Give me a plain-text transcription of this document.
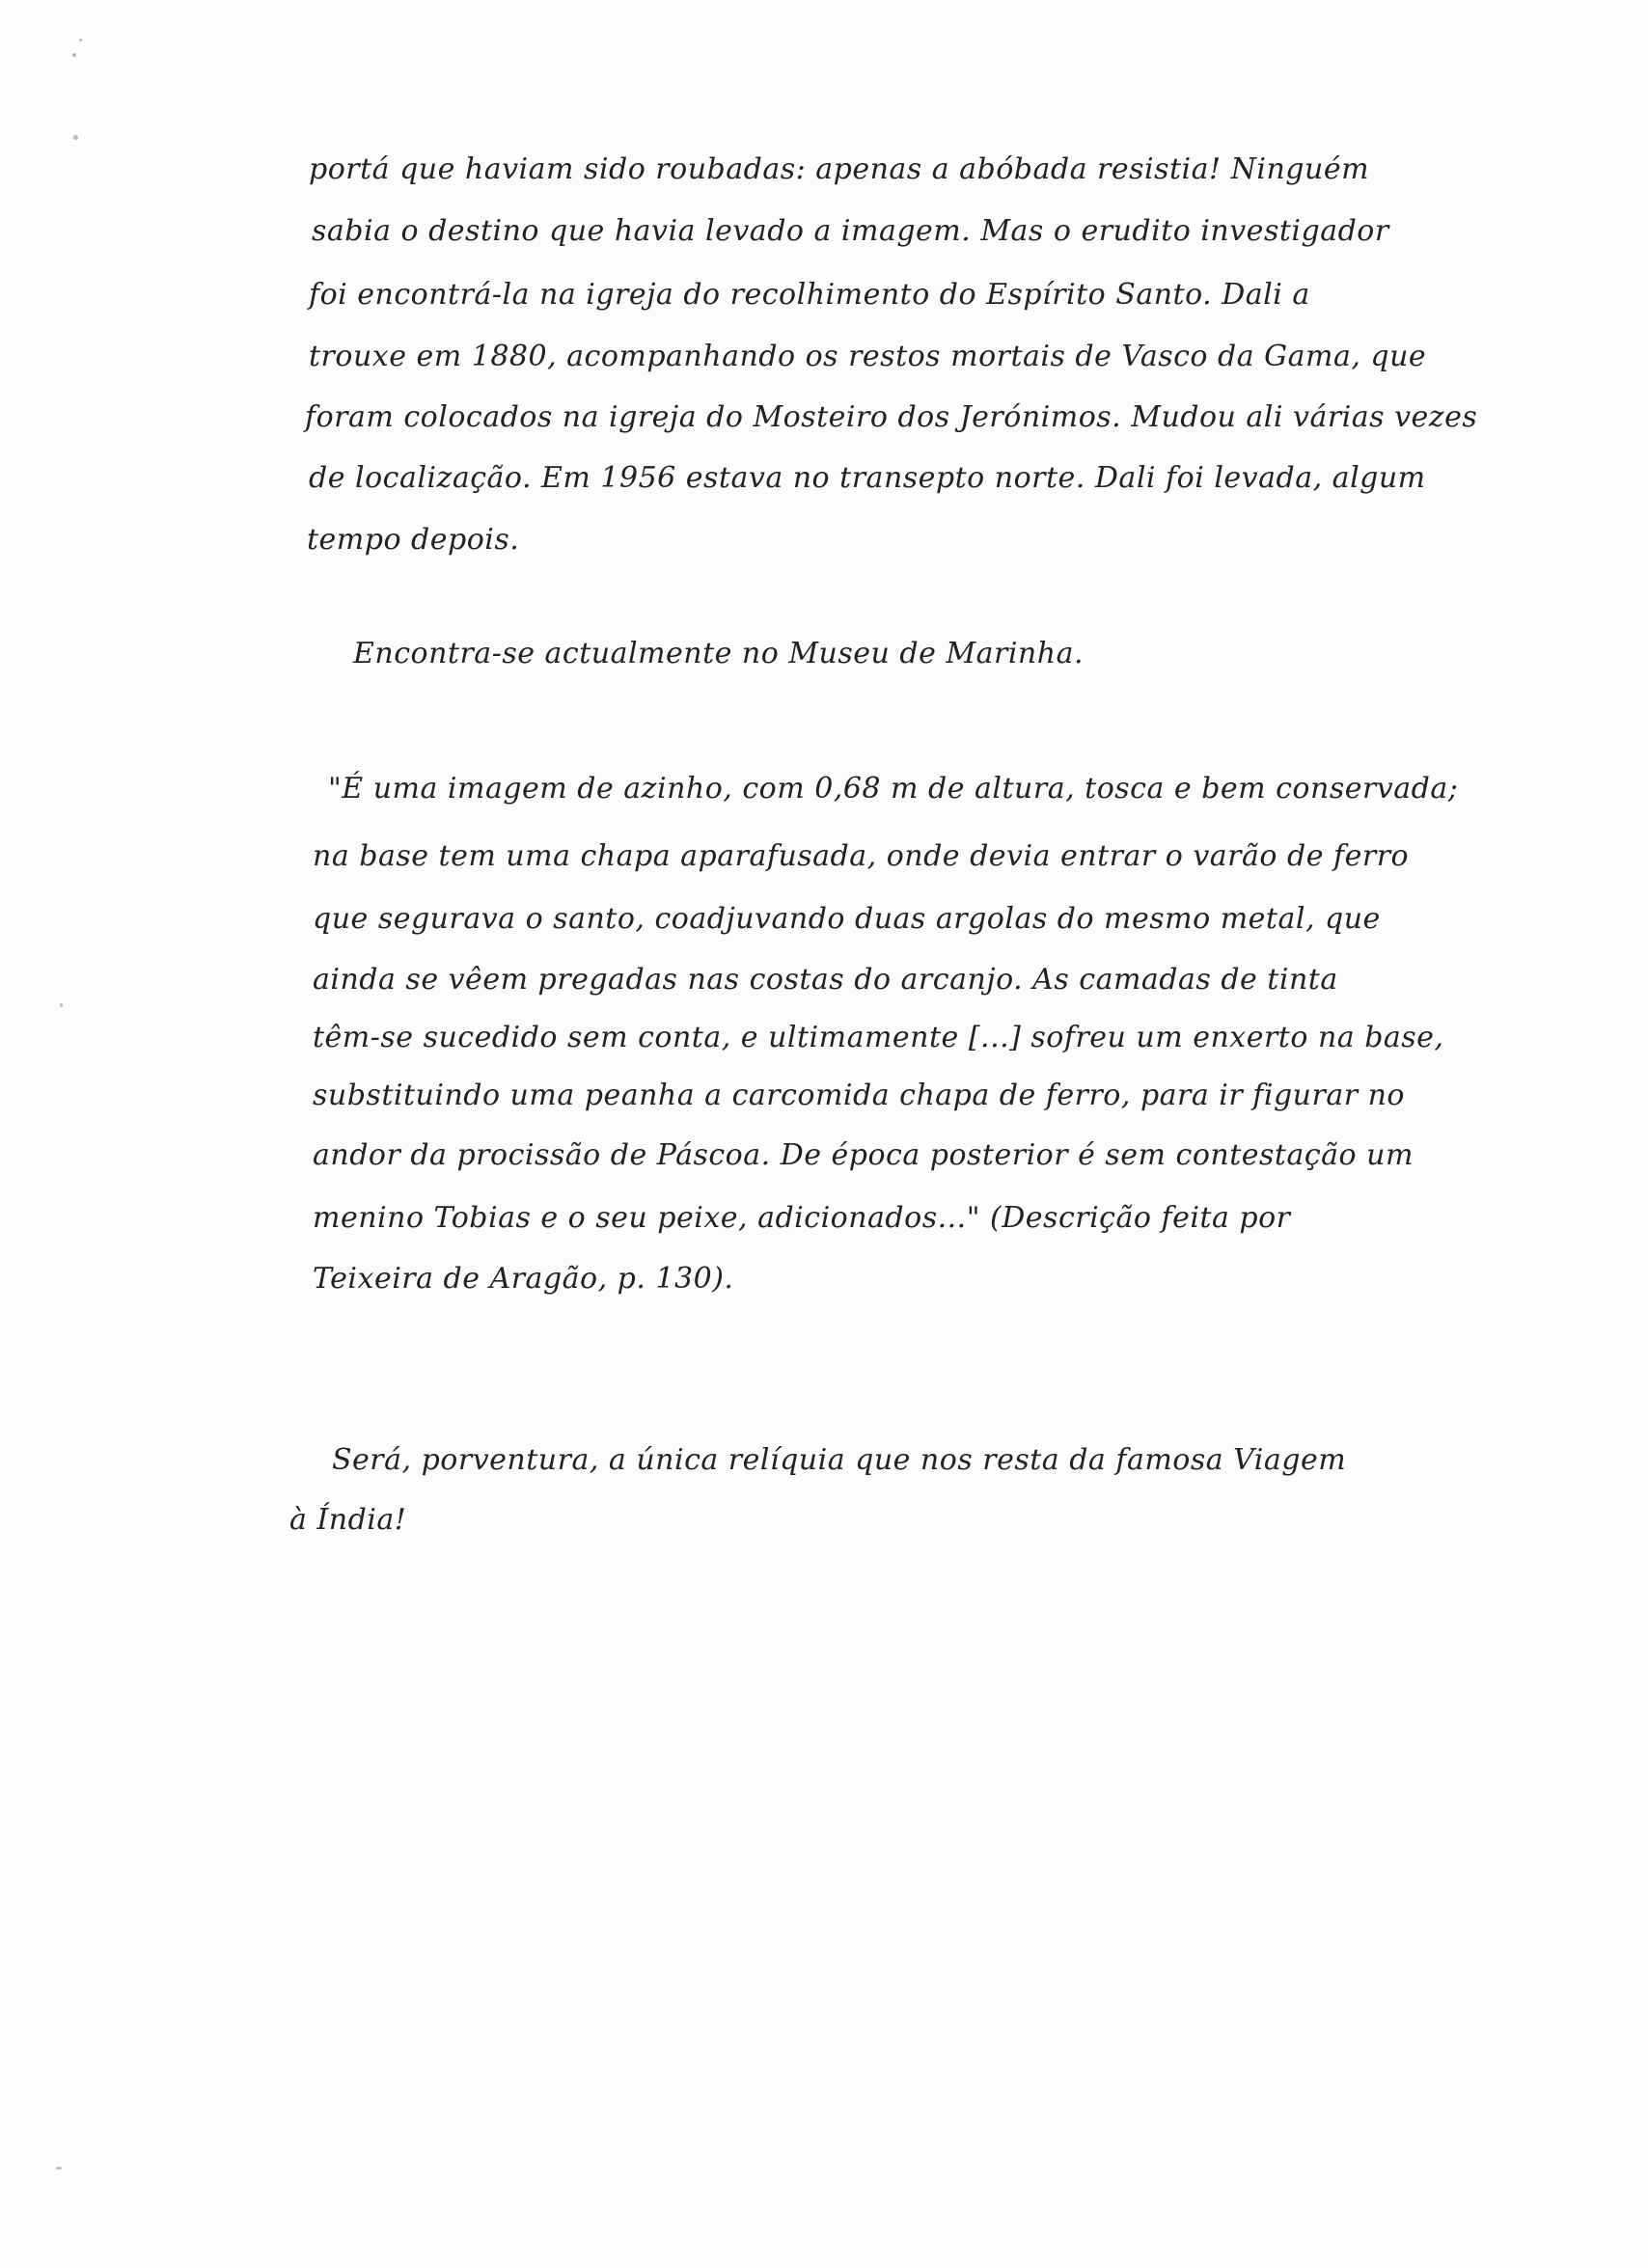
portá que haviam sido roubadas: apenas a abóbada resistia! Ninguém
sabia o destino que havia levado a imagem. Mas o erudito investigador
foi encontrá-la na igreja do recolhimento do Espírito Santo. Dali a
trouxe em 1880, acompanhando os restos mortais de Vasco da Gama, que
foram colocados na igreja do Mosteiro dos Jerónimos. Mudou ali várias vezes
de localização. Em 1956 estava no transepto norte. Dali foi levada, algum
tempo depois.
Encontra-se actualmente no Museu de Marinha.
"É uma imagem de azinho, com 0,68 m de altura, tosca e bem conservada;
na base tem uma chapa aparafusada, onde devia entrar o varão de ferro
que segurava o santo, coadjuvando duas argolas do mesmo metal, que
ainda se vêem pregadas nas costas do arcanjo. As camadas de tinta
têm-se sucedido sem conta, e ultimamente [...] sofreu um enxerto na base,
substituindo uma peanha a carcomida chapa de ferro, para ir figurar no
andor da procissão de Páscoa. De época posterior é sem contestação um
menino Tobias e o seu peixe, adicionados..." (Descrição feita por
Teixeira de Aragão, p. 130).
Será, porventura, a única relíquia que nos resta da famosa Viagem
à Índia!
